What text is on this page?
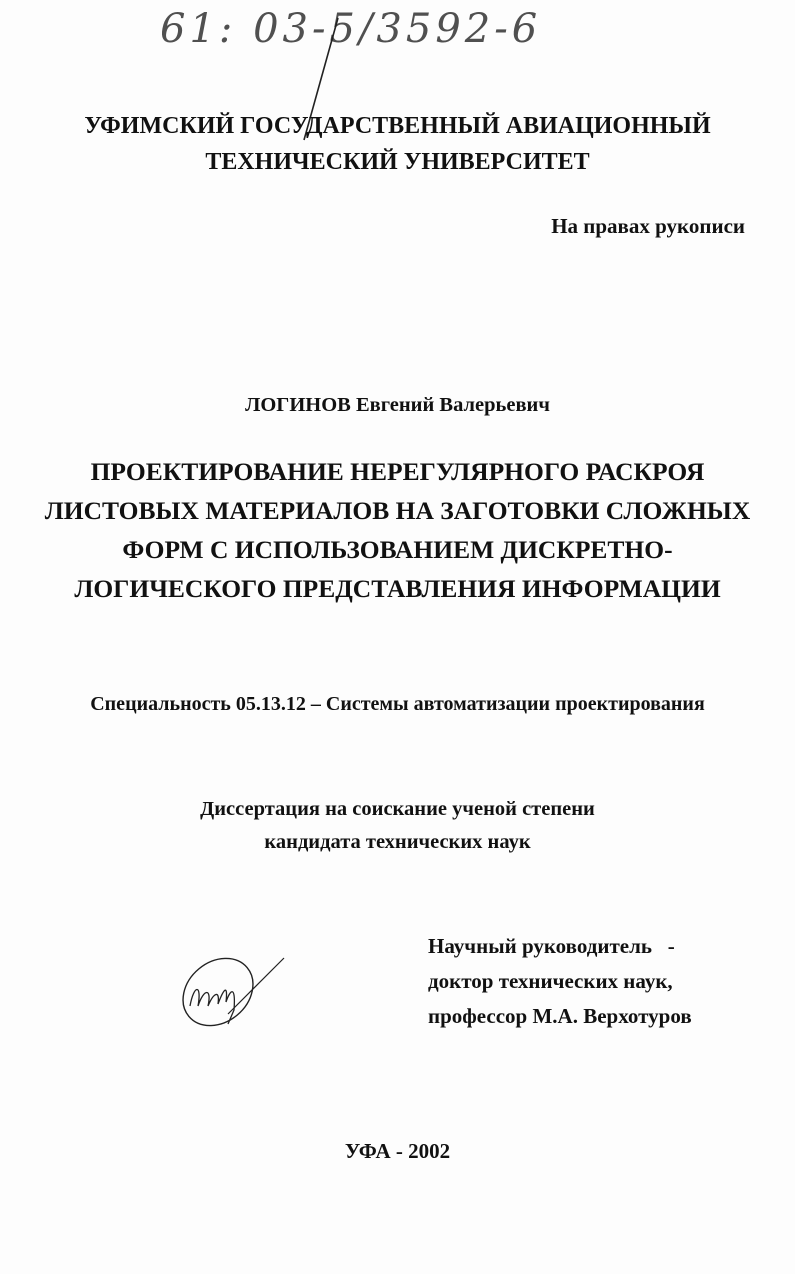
61: 03-5/3592-6
УФИМСКИЙ ГОСУДАРСТВЕННЫЙ АВИАЦИОННЫЙ
ТЕХНИЧЕСКИЙ УНИВЕРСИТЕТ
На правах рукописи
ЛОГИНОВ Евгений Валерьевич
ПРОЕКТИРОВАНИЕ НЕРЕГУЛЯРНОГО РАСКРОЯ
ЛИСТОВЫХ МАТЕРИАЛОВ НА ЗАГОТОВКИ СЛОЖНЫХ
ФОРМ С ИСПОЛЬЗОВАНИЕМ ДИСКРЕТНО-
ЛОГИЧЕСКОГО ПРЕДСТАВЛЕНИЯ ИНФОРМАЦИИ
Специальность 05.13.12 – Системы автоматизации проектирования
Диссертация на соискание ученой степени
кандидата технических наук
Научный руководитель   -
доктор технических наук,
профессор М.А. Верхотуров
УФА - 2002
